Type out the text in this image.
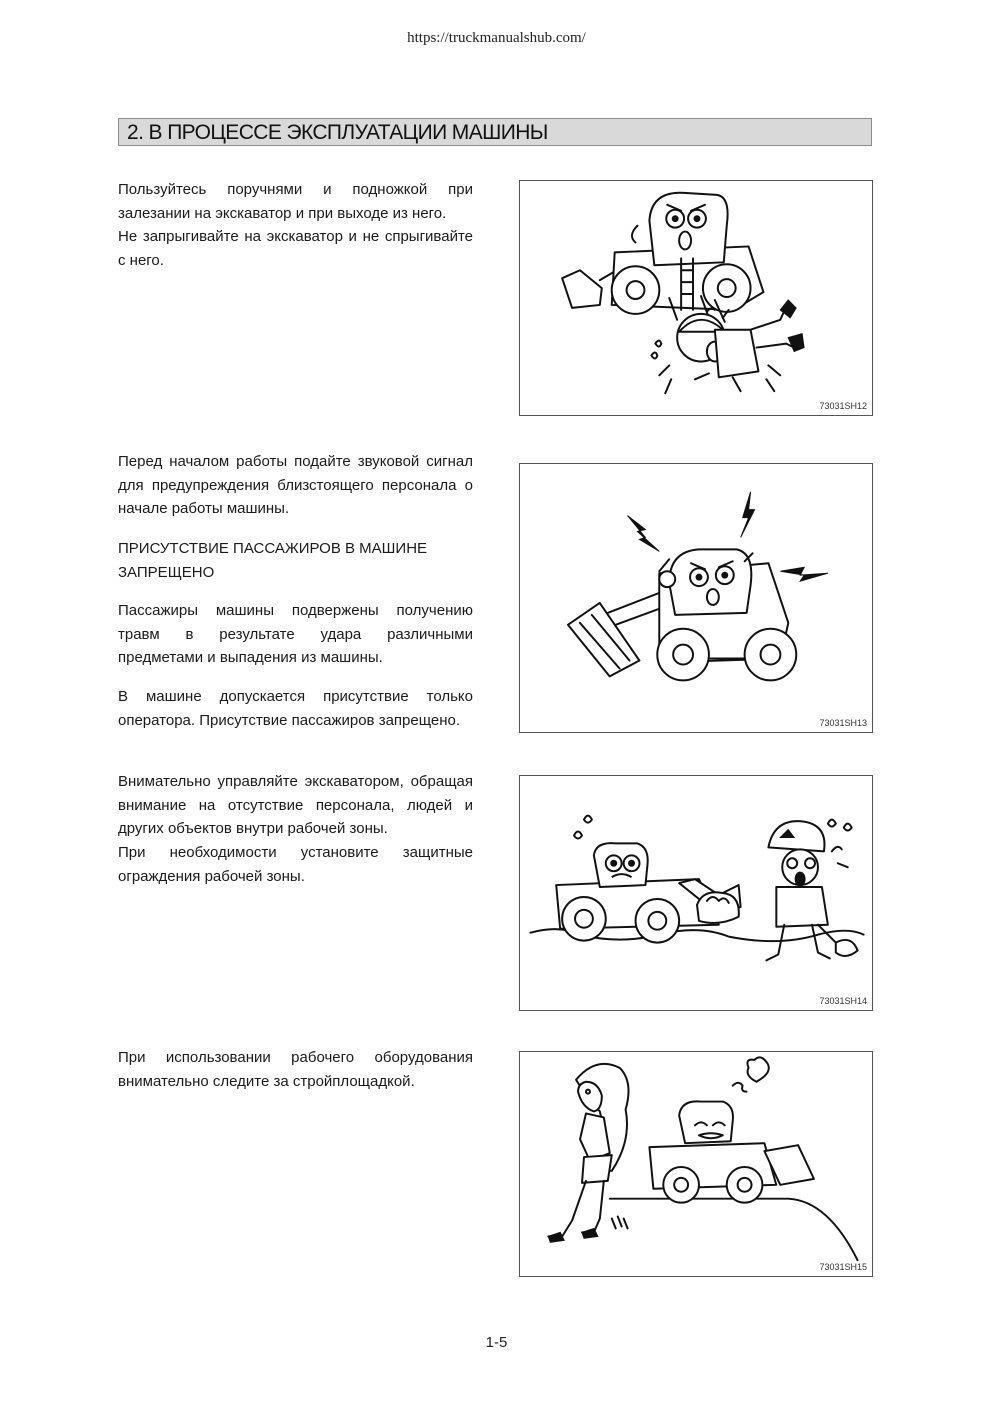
https://truckmanualshub.com/
2. В ПРОЦЕССЕ ЭКСПЛУАТАЦИИ МАШИНЫ

Пользуйтесь поручнями и подножкой при залезании на экскаватор и при выходе из него.

Не запрыгивайте на экскаватор и не спрыгивайте с него.

73031SH12

Перед началом работы подайте звуковой сигнал для предупреждения близстоящего персонала о начале работы машины.

ПРИСУТСТВИЕ ПАССАЖИРОВ В МАШИНЕ ЗАПРЕЩЕНО

Пассажиры машины подвержены получению травм в результате удара различными предметами и выпадения из машины.

В машине допускается присутствие только оператора. Присутствие пассажиров запрещено.	73031SH13

Внимательно управляйте экскаватором, обращая внимание на отсутствие персонала, людей и других объектов внутри рабочей зоны.

При необходимости установите защитные ограждения рабочей зоны.

73031SH14

При использовании рабочего оборудования внимательно следите за стройплощадкой.

73031SH15
1-5
